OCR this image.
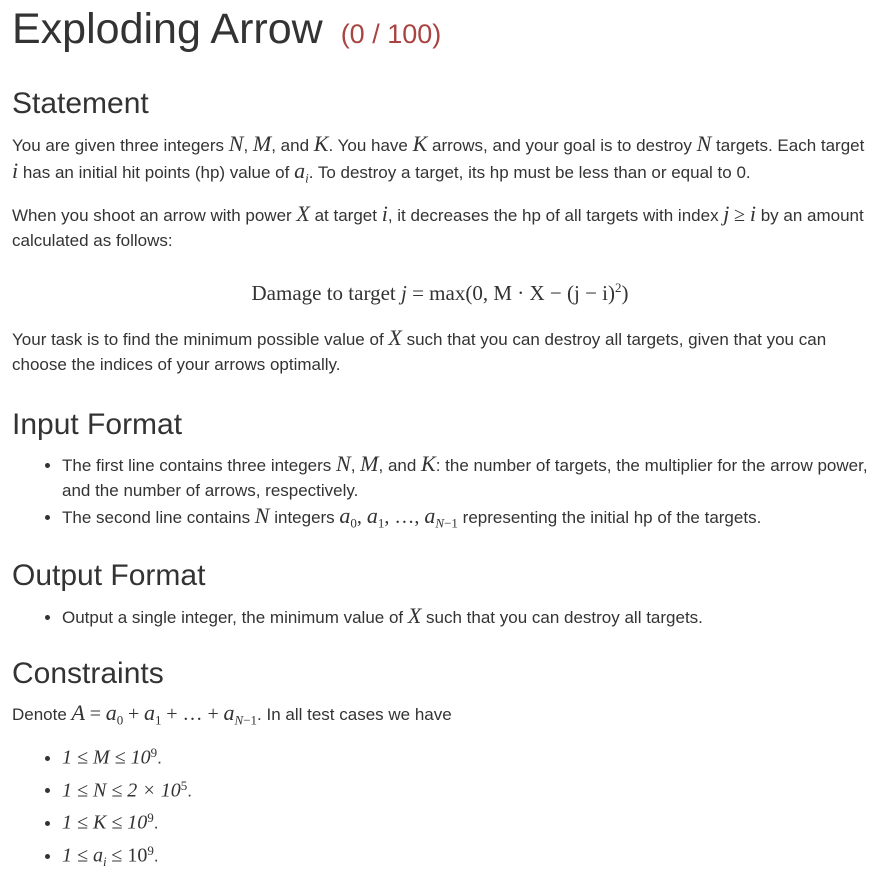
Exploding Arrow (0 / 100)
Statement

You are given three integers N, M, and K. You have K arrows, and your goal is to destroy N targets. Each target i has an initial hit points (hp) value of $a_i$. To destroy a target, its hp must be less than or equal to 0.

When you shoot an arrow with power X at target i, it decreases the hp of all targets with index j ≥ i by an amount calculated as follows:

Damage to target j = max(0, $M \cdot X - (j - i)^2$)

Your task is to find the minimum possible value of X such that you can destroy all targets, given that you can choose the indices of your arrows optimally.

Input Format
• The first line contains three integers N, M, and K: the number of targets, the multiplier for the arrow power, and the number of arrows, respectively.
• The second line contains N integers $a_0$, $a_1$, …, $a_{N-1}$ representing the initial hp of the targets.
Output Format
• Output a single integer, the minimum value of X such that you can destroy all targets.
Constraints

Denote $A = a_0 + a_1$ + … + $a_{N-1}$. In all test cases we have

• $1 \le M \le 10^9$.
• $1 \le N \le 2 \times 10^5$.
• $1 \le K \le 10^9$.
• $1 \le a_i \le 10^9$.
